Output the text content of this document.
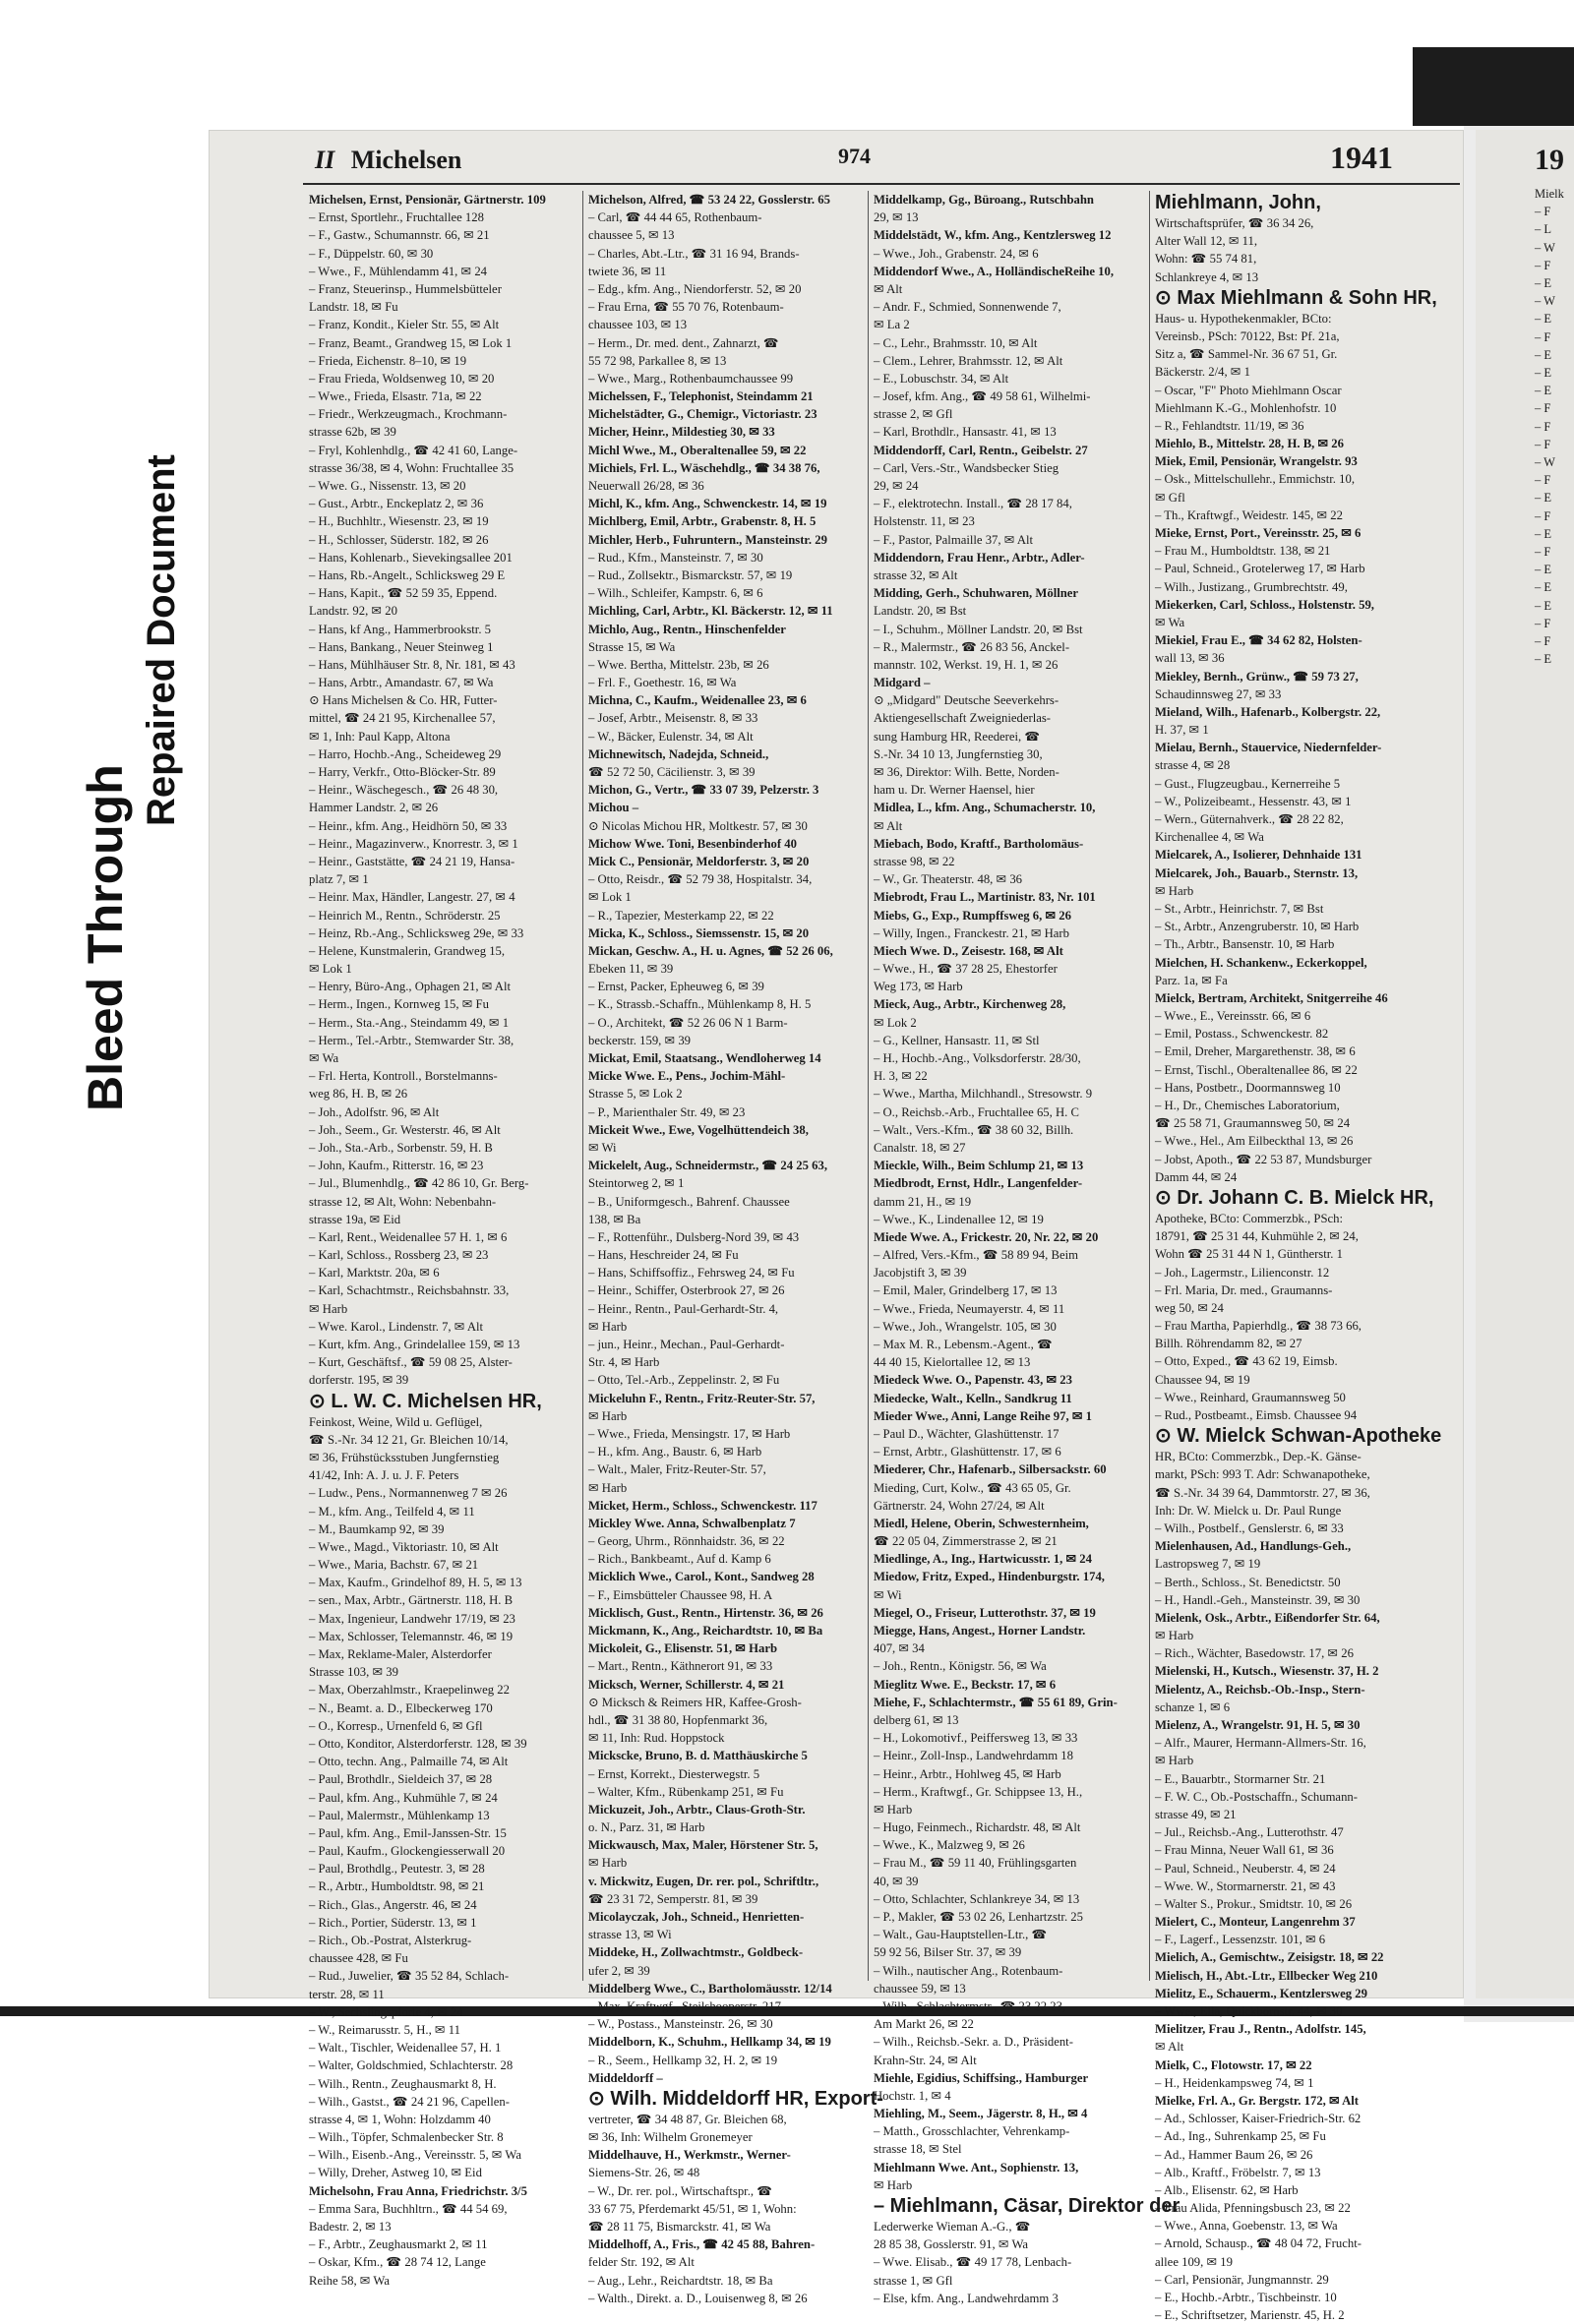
Bleed Through
Repaired Document
II Michelsen	974	1941
Michelsen, Ernst, Pensionär, Gärtnerstr. 109
– Ernst, Sportlehr., Fruchtallee 128
– F., Gastw., Schumannstr. 66, ✉ 21
– F., Düppelstr. 60, ✉ 30
– Wwe., F., Mühlendamm 41, ✉ 24
– Franz, Steuerinsp., Hummelsbütteler
Landstr. 18, ✉ Fu
– Franz, Kondit., Kieler Str. 55, ✉ Alt
– Franz, Beamt., Grandweg 15, ✉ Lok 1
– Frieda, Eichenstr. 8–10, ✉ 19
– Frau Frieda, Woldsenweg 10, ✉ 20
– Wwe., Frieda, Elsastr. 71a, ✉ 22
– Friedr., Werkzeugmach., Krochmann-
strasse 62b, ✉ 39
– Fryl, Kohlenhdlg., ☎ 42 41 60, Lange-
strasse 36/38, ✉ 4, Wohn: Fruchtallee 35
– Wwe. G., Nissenstr. 13, ✉ 20
– Gust., Arbtr., Enckeplatz 2, ✉ 36
– H., Buchhltr., Wiesenstr. 23, ✉ 19
– H., Schlosser, Süderstr. 182, ✉ 26
– Hans, Kohlenarb., Sievekingsallee 201
– Hans, Rb.-Angelt., Schlicksweg 29 E
– Hans, Kapit., ☎ 52 59 35, Eppend.
Landstr. 92, ✉ 20
– Hans, kf Ang., Hammerbrookstr. 5
– Hans, Bankang., Neuer Steinweg 1
– Hans, Mühlhäuser Str. 8, Nr. 181, ✉ 43
– Hans, Arbtr., Amandastr. 67, ✉ Wa
⊙ Hans Michelsen & Co. HR, Futter-
mittel, ☎ 24 21 95, Kirchenallee 57,
✉ 1, Inh: Paul Kapp, Altona
– Harro, Hochb.-Ang., Scheideweg 29
– Harry, Verkfr., Otto-Blöcker-Str. 89
– Heinr., Wäschegesch., ☎ 26 48 30,
Hammer Landstr. 2, ✉ 26
– Heinr., kfm. Ang., Heidhörn 50, ✉ 33
– Heinr., Magazinverw., Knorrestr. 3, ✉ 1
– Heinr., Gaststätte, ☎ 24 21 19, Hansa-
platz 7, ✉ 1
– Heinr. Max, Händler, Langestr. 27, ✉ 4
– Heinrich M., Rentn., Schröderstr. 25
– Heinz, Rb.-Ang., Schlicksweg 29e, ✉ 33
– Helene, Kunstmalerin, Grandweg 15,
✉ Lok 1
– Henry, Büro-Ang., Ophagen 21, ✉ Alt
– Herm., Ingen., Kornweg 15, ✉ Fu
– Herm., Sta.-Ang., Steindamm 49, ✉ 1
– Herm., Tel.-Arbtr., Stemwarder Str. 38,
✉ Wa
– Frl. Herta, Kontroll., Borstelmanns-
weg 86, H. B, ✉ 26
– Joh., Adolfstr. 96, ✉ Alt
– Joh., Seem., Gr. Westerstr. 46, ✉ Alt
– Joh., Sta.-Arb., Sorbenstr. 59, H. B
– John, Kaufm., Ritterstr. 16, ✉ 23
– Jul., Blumenhdlg., ☎ 42 86 10, Gr. Berg-
strasse 12, ✉ Alt, Wohn: Nebenbahn-
strasse 19a, ✉ Eid
– Karl, Rent., Weidenallee 57 H. 1, ✉ 6
– Karl, Schloss., Rossberg 23, ✉ 23
– Karl, Marktstr. 20a, ✉ 6
– Karl, Schachtmstr., Reichsbahnstr. 33,
✉ Harb
– Wwe. Karol., Lindenstr. 7, ✉ Alt
– Kurt, kfm. Ang., Grindelallee 159, ✉ 13
– Kurt, Geschäftsf., ☎ 59 08 25, Alster-
dorferstr. 195, ✉ 39
⊙ L. W. C. Michelsen HR,
Feinkost, Weine, Wild u. Geflügel,
☎ S.-Nr. 34 12 21, Gr. Bleichen 10/14,
✉ 36, Frühstücksstuben Jungfernstieg
41/42, Inh: A. J. u. J. F. Peters
– Ludw., Pens., Normannenweg 7 ✉ 26
– M., kfm. Ang., Teilfeld 4, ✉ 11
– M., Baumkamp 92, ✉ 39
– Wwe., Magd., Viktoriastr. 10, ✉ Alt
– Wwe., Maria, Bachstr. 67, ✉ 21
– Max, Kaufm., Grindelhof 89, H. 5, ✉ 13
– sen., Max, Arbtr., Gärtnerstr. 118, H. B
– Max, Ingenieur, Landwehr 17/19, ✉ 23
– Max, Schlosser, Telemannstr. 46, ✉ 19
– Max, Reklame-Maler, Alsterdorfer
Strasse 103, ✉ 39
– Max, Oberzahlmstr., Kraepelinweg 22
– N., Beamt. a. D., Elbeckerweg 170
– O., Korresp., Urnenfeld 6, ✉ Gfl
– Otto, Konditor, Alsterdorferstr. 128, ✉ 39
– Otto, techn. Ang., Palmaille 74, ✉ Alt
– Paul, Brothdlr., Sieldeich 37, ✉ 28
– Paul, kfm. Ang., Kuhmühle 7, ✉ 24
– Paul, Malermstr., Mühlenkamp 13
– Paul, kfm. Ang., Emil-Janssen-Str. 15
– Paul, Kaufm., Glockengiesserwall 20
– Paul, Brothdlg., Peutestr. 3, ✉ 28
– R., Arbtr., Humboldtstr. 98, ✉ 21
– Rich., Glas., Angerstr. 46, ✉ 24
– Rich., Portier, Süderstr. 13, ✉ 1
– Rich., Ob.-Postrat, Alsterkrug-
chaussee 428, ✉ Fu
– Rud., Juwelier, ☎ 35 52 84, Schlach-
terstr. 28, ✉ 11
– W., Sechslingspforte 4, ✉ 24
– W., Reimarusstr. 5, H., ✉ 11
– Walt., Tischler, Weidenallee 57, H. 1
– Walter, Goldschmied, Schlachterstr. 28
– Wilh., Rentn., Zeughausmarkt 8, H.
– Wilh., Gastst., ☎ 24 21 96, Capellen-
strasse 4, ✉ 1, Wohn: Holzdamm 40
– Wilh., Töpfer, Schmalenbecker Str. 8
– Wilh., Eisenb.-Ang., Vereinsstr. 5, ✉ Wa
– Willy, Dreher, Astweg 10, ✉ Eid
Michelsohn, Frau Anna, Friedrichstr. 3/5
– Emma Sara, Buchhltrn., ☎ 44 54 69,
Badestr. 2, ✉ 13
– F., Arbtr., Zeughausmarkt 2, ✉ 11
– Oskar, Kfm., ☎ 28 74 12, Lange
Reihe 58, ✉ Wa
Michelson, Alfred, ☎ 53 24 22, Gosslerstr. 65
– Carl, ☎ 44 44 65, Rothenbaum-
chaussee 5, ✉ 13
– Charles, Abt.-Ltr., ☎ 31 16 94, Brands-
twiete 36, ✉ 11
– Edg., kfm. Ang., Niendorferstr. 52, ✉ 20
– Frau Erna, ☎ 55 70 76, Rotenbaum-
chaussee 103, ✉ 13
– Herm., Dr. med. dent., Zahnarzt, ☎
55 72 98, Parkallee 8, ✉ 13
– Wwe., Marg., Rothenbaumchaussee 99
Michelssen, F., Telephonist, Steindamm 21
Michelstädter, G., Chemigr., Victoriastr. 23
Micher, Heinr., Mildestieg 30, ✉ 33
Michl Wwe., M., Oberaltenallee 59, ✉ 22
Michiels, Frl. L., Wäschehdlg., ☎ 34 38 76,
Neuerwall 26/28, ✉ 36
Michl, K., kfm. Ang., Schwenckestr. 14, ✉ 19
Michlberg, Emil, Arbtr., Grabenstr. 8, H. 5
Michler, Herb., Fuhruntern., Mansteinstr. 29
– Rud., Kfm., Mansteinstr. 7, ✉ 30
– Rud., Zollsektr., Bismarckstr. 57, ✉ 19
– Wilh., Schleifer, Kampstr. 6, ✉ 6
Michling, Carl, Arbtr., Kl. Bäckerstr. 12, ✉ 11
Michlo, Aug., Rentn., Hinschenfelder
Strasse 15, ✉ Wa
– Wwe. Bertha, Mittelstr. 23b, ✉ 26
– Frl. F., Goethestr. 16, ✉ Wa
Michna, C., Kaufm., Weidenallee 23, ✉ 6
– Josef, Arbtr., Meisenstr. 8, ✉ 33
– W., Bäcker, Eulenstr. 34, ✉ Alt
Michnewitsch, Nadejda, Schneid.,
☎ 52 72 50, Cäcilienstr. 3, ✉ 39
Michon, G., Vertr., ☎ 33 07 39, Pelzerstr. 3
Michou –
⊙ Nicolas Michou HR, Moltkestr. 57, ✉ 30
Michow Wwe. Toni, Besenbinderhof 40
Mick C., Pensionär, Meldorferstr. 3, ✉ 20
– Otto, Reisdr., ☎ 52 79 38, Hospitalstr. 34,
✉ Lok 1
– R., Tapezier, Mesterkamp 22, ✉ 22
Micka, K., Schloss., Siemssenstr. 15, ✉ 20
Mickan, Geschw. A., H. u. Agnes, ☎ 52 26 06,
Ebeken 11, ✉ 39
– Ernst, Packer, Epheuweg 6, ✉ 39
– K., Strassb.-Schaffn., Mühlenkamp 8, H. 5
– O., Architekt, ☎ 52 26 06 N 1 Barm-
beckerstr. 159, ✉ 39
Mickat, Emil, Staatsang., Wendloherweg 14
Micke Wwe. E., Pens., Jochim-Mähl-
Strasse 5, ✉ Lok 2
– P., Marienthaler Str. 49, ✉ 23
Mickeit Wwe., Ewe, Vogelhüttendeich 38,
✉ Wi
Mickelelt, Aug., Schneidermstr., ☎ 24 25 63,
Steintorweg 2, ✉ 1
– B., Uniformgesch., Bahrenf. Chaussee
138, ✉ Ba
– F., Rottenführ., Dulsberg-Nord 39, ✉ 43
– Hans, Heschreider 24, ✉ Fu
– Hans, Schiffsoffiz., Fehrsweg 24, ✉ Fu
– Heinr., Schiffer, Osterbrook 27, ✉ 26
– Heinr., Rentn., Paul-Gerhardt-Str. 4,
✉ Harb
– jun., Heinr., Mechan., Paul-Gerhardt-
Str. 4, ✉ Harb
– Otto, Tel.-Arb., Zeppelinstr. 2, ✉ Fu
Mickeluhn F., Rentn., Fritz-Reuter-Str. 57,
✉ Harb
– Wwe., Frieda, Mensingstr. 17, ✉ Harb
– H., kfm. Ang., Baustr. 6, ✉ Harb
– Walt., Maler, Fritz-Reuter-Str. 57,
✉ Harb
Micket, Herm., Schloss., Schwenckestr. 117
Mickley Wwe. Anna, Schwalbenplatz 7
– Georg, Uhrm., Rönnhaidstr. 36, ✉ 22
– Rich., Bankbeamt., Auf d. Kamp 6
Micklich Wwe., Carol., Kont., Sandweg 28
– F., Eimsbütteler Chaussee 98, H. A
Micklisch, Gust., Rentn., Hirtenstr. 36, ✉ 26
Mickmann, K., Ang., Reichardtstr. 10, ✉ Ba
Mickoleit, G., Elisenstr. 51, ✉ Harb
– Mart., Rentn., Käthnerort 91, ✉ 33
Micksch, Werner, Schillerstr. 4, ✉ 21
⊙ Micksch & Reimers HR, Kaffee-Grosh-
hdl., ☎ 31 38 80, Hopfenmarkt 36,
✉ 11, Inh: Rud. Hoppstock
Mickscke, Bruno, B. d. Matthäuskirche 5
– Ernst, Korrekt., Diesterwegstr. 5
– Walter, Kfm., Rübenkamp 251, ✉ Fu
Mickuzeit, Joh., Arbtr., Claus-Groth-Str.
o. N., Parz. 31, ✉ Harb
Mickwausch, Max, Maler, Hörstener Str. 5,
✉ Harb
v. Mickwitz, Eugen, Dr. rer. pol., Schriftltr.,
☎ 23 31 72, Semperstr. 81, ✉ 39
Micolayczak, Joh., Schneid., Henrietten-
strasse 13, ✉ Wi
Middeke, H., Zollwachtmstr., Goldbeck-
ufer 2, ✉ 39
Middelberg Wwe., C., Bartholomäusstr. 12/14
– Max, Kraftwgf., Steilshooperstr. 217
– W., Postass., Mansteinstr. 26, ✉ 30
Middelborn, K., Schuhm., Hellkamp 34, ✉ 19
– R., Seem., Hellkamp 32, H. 2, ✉ 19
Middeldorff –
⊙ Wilh. Middeldorff HR, Export-
vertreter, ☎ 34 48 87, Gr. Bleichen 68,
✉ 36, Inh: Wilhelm Gronemeyer
Middelhauve, H., Werkmstr., Werner-
Siemens-Str. 26, ✉ 48
– W., Dr. rer. pol., Wirtschaftspr., ☎
33 67 75, Pferdemarkt 45/51, ✉ 1, Wohn:
☎ 28 11 75, Bismarckstr. 41, ✉ Wa
Middelhoff, A., Fris., ☎ 42 45 88, Bahren-
felder Str. 192, ✉ Alt
– Aug., Lehr., Reichardtstr. 18, ✉ Ba
– Walth., Direkt. a. D., Louisenweg 8, ✉ 26
Middelkamp, Gg., Büroang., Rutschbahn
29, ✉ 13
Middelstädt, W., kfm. Ang., Kentzlersweg 12
– Wwe., Joh., Grabenstr. 24, ✉ 6
Middendorf Wwe., A., HolländischeReihe 10,
✉ Alt
– Andr. F., Schmied, Sonnenwende 7,
✉ La 2
– C., Lehr., Brahmsstr. 10, ✉ Alt
– Clem., Lehrer, Brahmsstr. 12, ✉ Alt
– E., Lobuschstr. 34, ✉ Alt
– Josef, kfm. Ang., ☎ 49 58 61, Wilhelmi-
strasse 2, ✉ Gfl
– Karl, Brothdlr., Hansastr. 41, ✉ 13
Middendorff, Carl, Rentn., Geibelstr. 27
– Carl, Vers.-Str., Wandsbecker Stieg
29, ✉ 24
– F., elektrotechn. Install., ☎ 28 17 84,
Holstenstr. 11, ✉ 23
– F., Pastor, Palmaille 37, ✉ Alt
Middendorn, Frau Henr., Arbtr., Adler-
strasse 32, ✉ Alt
Midding, Gerh., Schuhwaren, Möllner
Landstr. 20, ✉ Bst
– I., Schuhm., Möllner Landstr. 20, ✉ Bst
– R., Malermstr., ☎ 26 83 56, Anckel-
mannstr. 102, Werkst. 19, H. 1, ✉ 26
Midgard –
⊙ „Midgard" Deutsche Seeverkehrs-
Aktiengesellschaft Zweigniederlas-
sung Hamburg HR, Reederei, ☎
S.-Nr. 34 10 13, Jungfernstieg 30,
✉ 36, Direktor: Wilh. Bette, Norden-
ham u. Dr. Werner Haensel, hier
Midlea, L., kfm. Ang., Schumacherstr. 10,
✉ Alt
Miebach, Bodo, Kraftf., Bartholomäus-
strasse 98, ✉ 22
– W., Gr. Theaterstr. 48, ✉ 36
Miebrodt, Frau L., Martinistr. 83, Nr. 101
Miebs, G., Exp., Rumpffsweg 6, ✉ 26
– Willy, Ingen., Franckestr. 21, ✉ Harb
Miech Wwe. D., Zeisestr. 168, ✉ Alt
– Wwe., H., ☎ 37 28 25, Ehestorfer
Weg 173, ✉ Harb
Mieck, Aug., Arbtr., Kirchenweg 28,
✉ Lok 2
– G., Kellner, Hansastr. 11, ✉ Stl
– H., Hochb.-Ang., Volksdorferstr. 28/30,
H. 3, ✉ 22
– Wwe., Martha, Milchhandl., Stresowstr. 9
– O., Reichsb.-Arb., Fruchtallee 65, H. C
– Walt., Vers.-Kfm., ☎ 38 60 32, Billh.
Canalstr. 18, ✉ 27
Mieckle, Wilh., Beim Schlump 21, ✉ 13
Miedbrodt, Ernst, Hdlr., Langenfelder-
damm 21, H., ✉ 19
– Wwe., K., Lindenallee 12, ✉ 19
Miede Wwe. A., Frickestr. 20, Nr. 22, ✉ 20
– Alfred, Vers.-Kfm., ☎ 58 89 94, Beim
Jacobjstift 3, ✉ 39
– Emil, Maler, Grindelberg 17, ✉ 13
– Wwe., Frieda, Neumayerstr. 4, ✉ 11
– Wwe., Joh., Wrangelstr. 105, ✉ 30
– Max M. R., Lebensm.-Agent., ☎
44 40 15, Kielortallee 12, ✉ 13
Miedeck Wwe. O., Papenstr. 43, ✉ 23
Miedecke, Walt., Kelln., Sandkrug 11
Mieder Wwe., Anni, Lange Reihe 97, ✉ 1
– Paul D., Wächter, Glashüttenstr. 17
– Ernst, Arbtr., Glashüttenstr. 17, ✉ 6
Miederer, Chr., Hafenarb., Silbersackstr. 60
Mieding, Curt, Kolw., ☎ 43 65 05, Gr.
Gärtnerstr. 24, Wohn 27/24, ✉ Alt
Miedl, Helene, Oberin, Schwesternheim,
☎ 22 05 04, Zimmerstrasse 2, ✉ 21
Miedlinge, A., Ing., Hartwicusstr. 1, ✉ 24
Miedow, Fritz, Exped., Hindenburgstr. 174,
✉ Wi
Miegel, O., Friseur, Lutterothstr. 37, ✉ 19
Miegge, Hans, Angest., Horner Landstr.
407, ✉ 34
– Joh., Rentn., Königstr. 56, ✉ Wa
Mieglitz Wwe. E., Beckstr. 17, ✉ 6
Miehe, F., Schlachtermstr., ☎ 55 61 89, Grin-
delberg 61, ✉ 13
– H., Lokomotivf., Peiffersweg 13, ✉ 33
– Heinr., Zoll-Insp., Landwehrdamm 18
– Heinr., Arbtr., Hohlweg 45, ✉ Harb
– Herm., Kraftwgf., Gr. Schippsee 13, H.,
✉ Harb
– Hugo, Feinmech., Richardstr. 48, ✉ Alt
– Wwe., K., Malzweg 9, ✉ 26
– Frau M., ☎ 59 11 40, Frühlingsgarten
40, ✉ 39
– Otto, Schlachter, Schlankreye 34, ✉ 13
– P., Makler, ☎ 53 02 26, Lenhartzstr. 25
– Walt., Gau-Hauptstellen-Ltr., ☎
59 92 56, Bilser Str. 37, ✉ 39
– Wilh., nautischer Ang., Rotenbaum-
chaussee 59, ✉ 13
– Wilh., Schlachtermstr., ☎ 23 22 23,
Am Markt 26, ✉ 22
– Wilh., Reichsb.-Sekr. a. D., Präsident-
Krahn-Str. 24, ✉ Alt
Miehle, Egidius, Schiffsing., Hamburger
Hochstr. 1, ✉ 4
Miehling, M., Seem., Jägerstr. 8, H., ✉ 4
– Matth., Grosschlachter, Vehrenkamp-
strasse 18, ✉ Stel
Miehlmann Wwe. Ant., Sophienstr. 13,
✉ Harb
– Miehlmann, Cäsar, Direktor der
Lederwerke Wieman A.-G., ☎
28 85 38, Gosslerstr. 91, ✉ Wa
– Wwe. Elisab., ☎ 49 17 78, Lenbach-
strasse 1, ✉ Gfl
– Else, kfm. Ang., Landwehrdamm 3
Miehlmann, John,
Wirtschaftsprüfer, ☎ 36 34 26,
Alter Wall 12, ✉ 11,
Wohn: ☎ 55 74 81,
Schlankreye 4, ✉ 13
⊙ Max Miehlmann & Sohn HR,
Haus- u. Hypothekenmakler, BCto:
Vereinsb., PSch: 70122, Bst: Pf. 21a,
Sitz a, ☎ Sammel-Nr. 36 67 51, Gr.
Bäckerstr. 2/4, ✉ 1
– Oscar, "F" Photo Miehlmann Oscar
Miehlmann K.-G., Mohlenhofstr. 10
– R., Fehlandtstr. 11/19, ✉ 36
Miehlo, B., Mittelstr. 28, H. B, ✉ 26
Miek, Emil, Pensionär, Wrangelstr. 93
– Osk., Mittelschullehr., Emmichstr. 10,
✉ Gfl
– Th., Kraftwgf., Weidestr. 145, ✉ 22
Mieke, Ernst, Port., Vereinsstr. 25, ✉ 6
– Frau M., Humboldtstr. 138, ✉ 21
– Paul, Schneid., Grotelerweg 17, ✉ Harb
– Wilh., Justizang., Grumbrechtstr. 49,
Miekerken, Carl, Schloss., Holstenstr. 59,
✉ Wa
Miekiel, Frau E., ☎ 34 62 82, Holsten-
wall 13, ✉ 36
Miekley, Bernh., Grünw., ☎ 59 73 27,
Schaudinnsweg 27, ✉ 33
Mieland, Wilh., Hafenarb., Kolbergstr. 22,
H. 37, ✉ 1
Mielau, Bernh., Stauervice, Niedernfelder-
strasse 4, ✉ 28
– Gust., Flugzeugbau., Kernerreihe 5
– W., Polizeibeamt., Hessenstr. 43, ✉ 1
– Wern., Güternahverk., ☎ 28 22 82,
Kirchenallee 4, ✉ Wa
Mielcarek, A., Isolierer, Dehnhaide 131
Mielcarek, Joh., Bauarb., Sternstr. 13,
✉ Harb
– St., Arbtr., Heinrichstr. 7, ✉ Bst
– St., Arbtr., Anzengruberstr. 10, ✉ Harb
– Th., Arbtr., Bansenstr. 10, ✉ Harb
Mielchen, H. Schankenw., Eckerkoppel,
Parz. 1a, ✉ Fa
Mielck, Bertram, Architekt, Snitgerreihe 46
– Wwe., E., Vereinsstr. 66, ✉ 6
– Emil, Postass., Schwenckestr. 82
– Emil, Dreher, Margarethenstr. 38, ✉ 6
– Ernst, Tischl., Oberaltenallee 86, ✉ 22
– Hans, Postbetr., Doormannsweg 10
– H., Dr., Chemisches Laboratorium,
☎ 25 58 71, Graumannsweg 50, ✉ 24
– Wwe., Hel., Am Eilbeckthal 13, ✉ 26
– Jobst, Apoth., ☎ 22 53 87, Mundsburger
Damm 44, ✉ 24
⊙ Dr. Johann C. B. Mielck HR,
Apotheke, BCto: Commerzbk., PSch:
18791, ☎ 25 31 44, Kuhmühle 2, ✉ 24,
Wohn ☎ 25 31 44 N 1, Güntherstr. 1
– Joh., Lagermstr., Lilienconstr. 12
– Frl. Maria, Dr. med., Graumanns-
weg 50, ✉ 24
– Frau Martha, Papierhdlg., ☎ 38 73 66,
Billh. Röhrendamm 82, ✉ 27
– Otto, Exped., ☎ 43 62 19, Eimsb.
Chaussee 94, ✉ 19
– Wwe., Reinhard, Graumannsweg 50
– Rud., Postbeamt., Eimsb. Chaussee 94
⊙ W. Mielck Schwan-Apotheke
HR, BCto: Commerzbk., Dep.-K. Gänse-
markt, PSch: 993 T. Adr: Schwanapotheke,
☎ S.-Nr. 34 39 64, Dammtorstr. 27, ✉ 36,
Inh: Dr. W. Mielck u. Dr. Paul Runge
– Wilh., Postbelf., Genslerstr. 6, ✉ 33
Mielenhausen, Ad., Handlungs-Geh.,
Lastropsweg 7, ✉ 19
– Berth., Schloss., St. Benedictstr. 50
– H., Handl.-Geh., Mansteinstr. 39, ✉ 30
Mielenk, Osk., Arbtr., Eißendorfer Str. 64,
✉ Harb
– Rich., Wächter, Basedowstr. 17, ✉ 26
Mielenski, H., Kutsch., Wiesenstr. 37, H. 2
Mielentz, A., Reichsb.-Ob.-Insp., Stern-
schanze 1, ✉ 6
Mielenz, A., Wrangelstr. 91, H. 5, ✉ 30
– Alfr., Maurer, Hermann-Allmers-Str. 16,
✉ Harb
– E., Bauarbtr., Stormarner Str. 21
– F. W. C., Ob.-Postschaffn., Schumann-
strasse 49, ✉ 21
– Jul., Reichsb.-Ang., Lutterothstr. 47
– Frau Minna, Neuer Wall 61, ✉ 36
– Paul, Schneid., Neuberstr. 4, ✉ 24
– Wwe. W., Stormarnerstr. 21, ✉ 43
– Walter S., Prokur., Smidtstr. 10, ✉ 26
Mielert, C., Monteur, Langenrehm 37
– F., Lagerf., Lessenzstr. 101, ✉ 6
Mielich, A., Gemischtw., Zeisigstr. 18, ✉ 22
Mielisch, H., Abt.-Ltr., Ellbecker Weg 210
Mielitz, E., Schauerm., Kentzlersweg 29
– Wwe., Ella, Quickbornstr. 44, ✉ 30
Mielitzer, Frau J., Rentn., Adolfstr. 145,
✉ Alt
Mielk, C., Flotowstr. 17, ✉ 22
– H., Heidenkampsweg 74, ✉ 1
Mielke, Frl. A., Gr. Bergstr. 172, ✉ Alt
– Ad., Schlosser, Kaiser-Friedrich-Str. 62
– Ad., Ing., Suhrenkamp 25, ✉ Fu
– Ad., Hammer Baum 26, ✉ 26
– Alb., Kraftf., Fröbelstr. 7, ✉ 13
– Alb., Elisenstr. 62, ✉ Harb
– Frau Alida, Pfenningsbusch 23, ✉ 22
– Wwe., Anna, Goebenstr. 13, ✉ Wa
– Arnold, Schausp., ☎ 48 04 72, Frucht-
allee 109, ✉ 19
– Carl, Pensionär, Jungmannstr. 29
– E., Hochb.-Arbtr., Tischbeinstr. 10
– E., Schriftsetzer, Marienstr. 45, H. 2
19
Mielk
– F
– L
– W
– F
– E
– W
– E
– F
– E
– E
– E
– F
– F
– F
– W
– F
– E
– F
– E
– F
– E
– E
– E
– F
– F
– E
